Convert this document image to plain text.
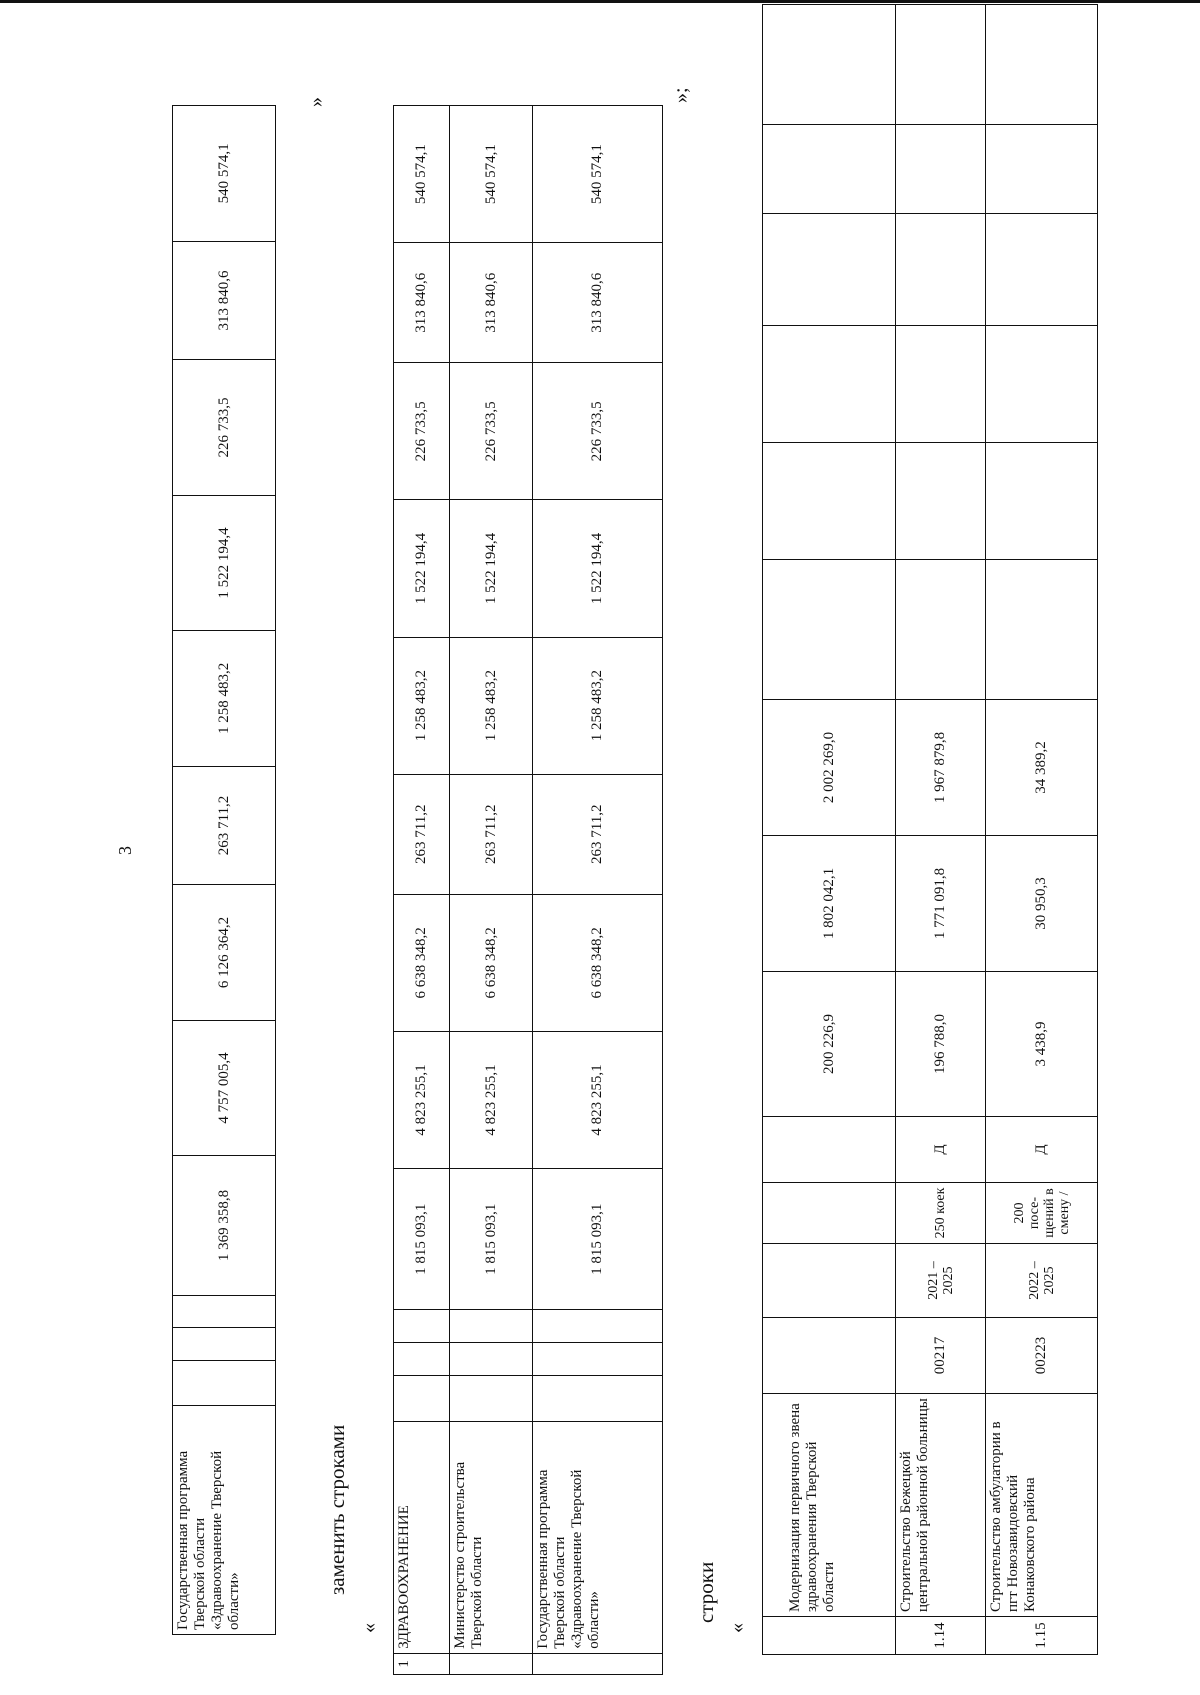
3
Государственная программа Тверской области «Здравоохранение Тверской области»				1 369 358,8	4 757 005,4	6 126 364,2	263 711,2	1 258 483,2	1 522 194,4	226 733,5	313 840,6	540 574,1
»
заменить строками
«
1	ЗДРАВООХРАНЕНИЕ				1 815 093,1	4 823 255,1	6 638 348,2	263 711,2	1 258 483,2	1 522 194,4	226 733,5	313 840,6	540 574,1
	Министерство строительства Тверской области				1 815 093,1	4 823 255,1	6 638 348,2	263 711,2	1 258 483,2	1 522 194,4	226 733,5	313 840,6	540 574,1
	Государственная программа Тверской области «Здравоохранение Тверской области»				1 815 093,1	4 823 255,1	6 638 348,2	263 711,2	1 258 483,2	1 522 194,4	226 733,5	313 840,6	540 574,1
»;
строки
«
	Модернизация первичного звена здравоохранения Тверской области					200 226,9	1 802 042,1	2 002 269,0						
1.14	Строительство Бежецкой центральной районной больницы	00217	2021 – 2025	250 коек	Д	196 788,0	1 771 091,8	1 967 879,8						
1.15	Строительство амбулатории в пгт Новозавидовский Конаковского района	00223	2022 – 2025	200 посе-щений в смену /	Д	3 438,9	30 950,3	34 389,2						
